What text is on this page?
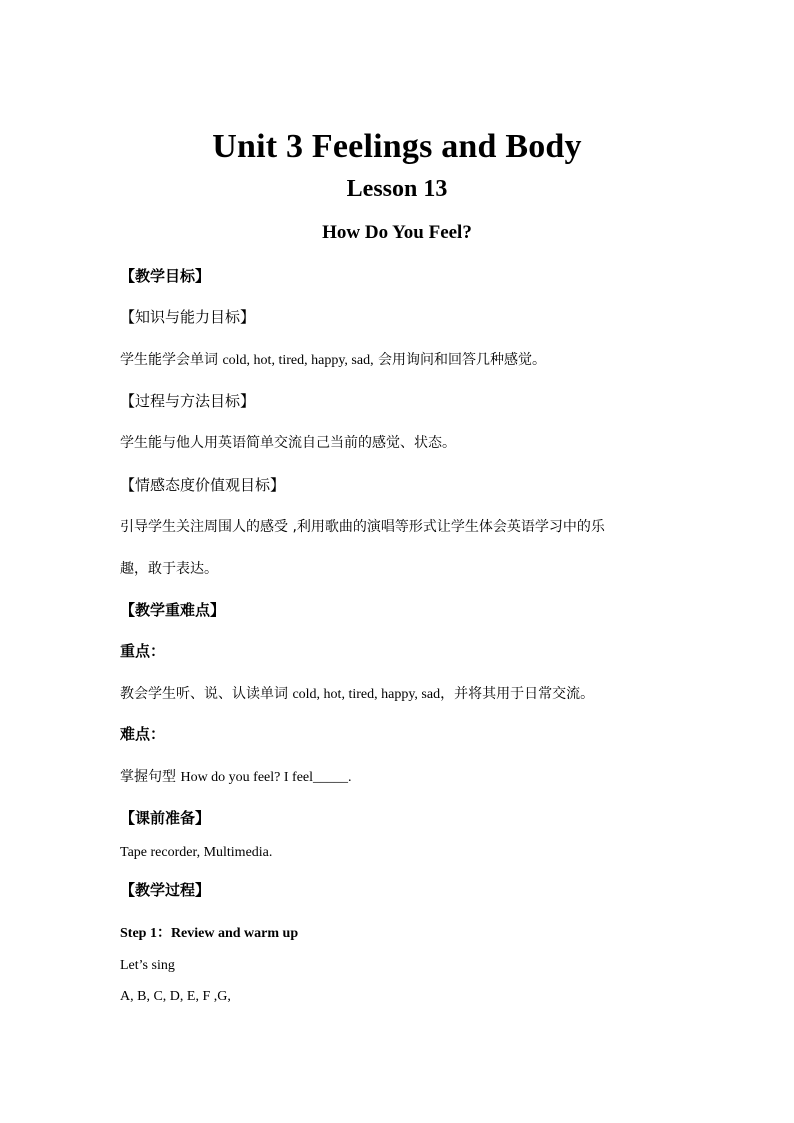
Unit 3 Feelings and Body
Lesson 13
How Do You Feel?
【教学目标】
【知识与能力目标】
学生能学会单词 cold, hot, tired, happy, sad, 会用询问和回答几种感觉。
【过程与方法目标】
学生能与他人用英语简单交流自己当前的感觉、状态。
【情感态度价值观目标】
引导学生关注周围人的感受 ,利用歌曲的演唱等形式让学生体会英语学习中的乐
趣，敢于表达。
【教学重难点】
重点：
教会学生听、说、认读单词 cold, hot, tired, happy, sad，并将其用于日常交流。
难点：
掌握句型 How do you feel? I feel_____.
【课前准备】
Tape recorder, Multimedia.
【教学过程】
Step 1：Review and warm up
Let’s sing
A, B, C, D, E, F ,G,
